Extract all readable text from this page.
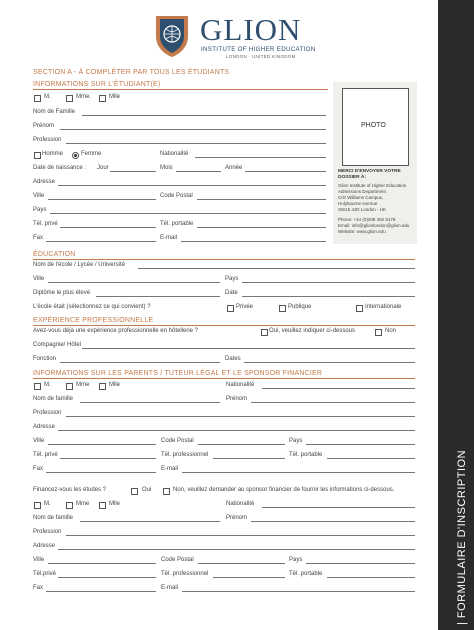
GLION
INSTITUTE OF HIGHER EDUCATION
LONDON · UNITED KINGDOM
| FORMULAIRE D'INSCRIPTION
SECTION A - À COMPLÉTER PAR TOUS LES ÉTUDIANTS
PHOTO
MERCI D'ENVOYER VOTRE DOSSIER À:
Glion Institute of Higher Education
Admissions Department
C/O Williams Campus,
Holybourne Avenue
SW15 4JD London - UK
Phone: +44 (0)208 392 8178
Email: info@glionlondon@glion.edu
Website: www.glion.edu
INFORMATIONS SUR L'ÉTUDIANT(E)
M.	Mme.	Mlle
Nom de Famille
Prénom
Profession
Homme	Femme	Nationalité
Date de naissance : Jour	Mois	Année
Adresse
Ville	Code Postal
Pays
Tél. privé	Tél. portable
Fax	E-mail
ÉDUCATION
Nom de l'école / Lycée / Université
Ville	Pays
Diplôme le plus élevé	Date
L'école était (sélectionnez ce qui convient) ?	Privée	Publique	Internationale
EXPÉRIENCE PROFESSIONNELLE
Avez-vous déjà une expérience professionnelle en hôtellerie ?	Oui, veuillez indiquer ci-dessous	Non
Compagnie/ Hôtel
Fonction	Dates
INFORMATIONS SUR LES PARENTS / TUTEUR LÉGAL ET LE SPONSOR FINANCIER
M.	Mme	Mlle	Nationalité
Nom de famille	Prénom
Profession
Adresse
Ville	Code Postal	Pays
Tél. privé	Tél. professionnel	Tél. portable
Fax	E-mail
Financez-vous les études ?	Oui	Non, veuillez demander au sponsor financier de fournir les informations ci-dessous.
M.	Mme	Mlle	Nationalité
Nom de famille	Prénom
Profession
Adresse
Ville	Code Postal	Pays
Tél.privé	Tél. professionnel	Tél. portable
Fax	E-mail
